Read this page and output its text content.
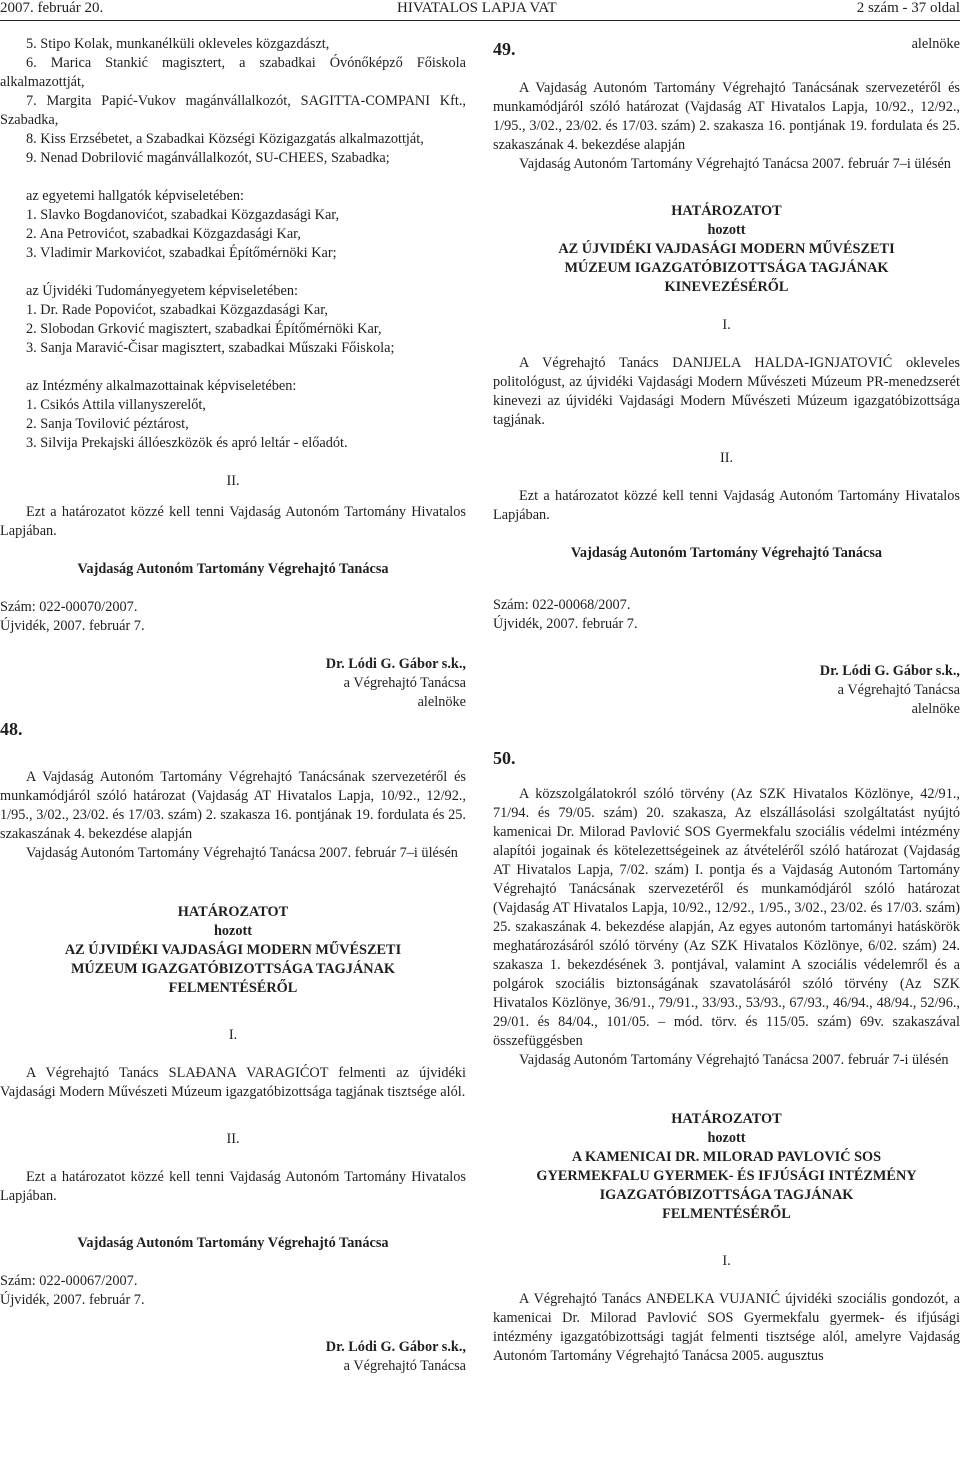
2007. február 20.	HIVATALOS LAPJA VAT	2 szám - 37 oldal

5. Stipo Kolak, munkanélküli okleveles közgazdászt,

6. Marica Stankić magisztert, a szabadkai Óvónőképző Főiskola alkalmazottját,

7. Margita Papić-Vukov magánvállalkozót, SAGITTA-COMPANI Kft., Szabadka,

8. Kiss Erzsébetet, a Szabadkai Községi Közigazgatás alkalmazottját,

9. Nenad Dobrilović magánvállalkozót, SU-CHEES, Szabadka;

az egyetemi hallgatók képviseletében:

1. Slavko Bogdanovićot, szabadkai Közgazdasági Kar,

2. Ana Petrovićot, szabadkai Közgazdasági Kar,

3. Vladimir Markovićot, szabadkai Építőmérnöki Kar;

az Újvidéki Tudományegyetem képviseletében:

1. Dr. Rade Popovićot, szabadkai Közgazdasági Kar,

2. Slobodan Grković magisztert, szabadkai Építőmérnöki Kar,

3. Sanja Maravić-Čisar magisztert, szabadkai Műszaki Főiskola;

az Intézmény alkalmazottainak képviseletében:

1. Csikós Attila villanyszerelőt,

2. Sanja Tovilović péztárost,

3. Silvija Prekajski állóeszközök és apró leltár - előadót.

II.

Ezt a határozatot közzé kell tenni Vajdaság Autonóm Tartomány Hivatalos Lapjában.

Vajdaság Autonóm Tartomány Végrehajtó Tanácsa

Szám: 022-00070/2007.

Újvidék, 2007. február 7.

Dr. Lódi G. Gábor s.k.,

a Végrehajtó Tanácsa

alelnöke

48.

A Vajdaság Autonóm Tartomány Végrehajtó Tanácsának szervezetéről és munkamódjáról szóló határozat (Vajdaság AT Hivatalos Lapja, 10/92., 12/92., 1/95., 3/02., 23/02. és 17/03. szám) 2. szakasza 16. pontjának 19. fordulata és 25. szakaszának 4. bekezdése alapján

Vajdaság Autonóm Tartomány Végrehajtó Tanácsa 2007. február 7–i ülésén

HATÁROZATOT

hozott

AZ ÚJVIDÉKI VAJDASÁGI MODERN MŰVÉSZETI

MÚZEUM IGAZGATÓBIZOTTSÁGA TAGJÁNAK

FELMENTÉSÉRŐL

I.

A Végrehajtó Tanács SLAĐANA VARAGIĆOT felmenti az újvidéki Vajdasági Modern Művészeti Múzeum igazgatóbizottsága tagjának tisztsége alól.

II.

Ezt a határozatot közzé kell tenni Vajdaság Autonóm Tartomány Hivatalos Lapjában.

Vajdaság Autonóm Tartomány Végrehajtó Tanácsa

Szám: 022-00067/2007.

Újvidék, 2007. február 7.

Dr. Lódi G. Gábor s.k.,

a Végrehajtó Tanácsa

alelnöke

49.

A Vajdaság Autonóm Tartomány Végrehajtó Tanácsának szervezetéről és munkamódjáról szóló határozat (Vajdaság AT Hivatalos Lapja, 10/92., 12/92., 1/95., 3/02., 23/02. és 17/03. szám) 2. szakasza 16. pontjának 19. fordulata és 25. szakaszának 4. bekezdése alapján

Vajdaság Autonóm Tartomány Végrehajtó Tanácsa 2007. február 7–i ülésén

HATÁROZATOT

hozott

AZ ÚJVIDÉKI VAJDASÁGI MODERN MŰVÉSZETI

MÚZEUM IGAZGATÓBIZOTTSÁGA TAGJÁNAK

KINEVEZÉSÉRŐL

I.

A Végrehajtó Tanács DANIJELA HALDA-IGNJATOVIĆ okleveles politológust, az újvidéki Vajdasági Modern Művészeti Múzeum PR-menedzserét kinevezi az újvidéki Vajdasági Modern Művészeti Múzeum igazgatóbizottsága tagjának.

II.

Ezt a határozatot közzé kell tenni Vajdaság Autonóm Tartomány Hivatalos Lapjában.

Vajdaság Autonóm Tartomány Végrehajtó Tanácsa

Szám: 022-00068/2007.

Újvidék, 2007. február 7.

Dr. Lódi G. Gábor s.k.,

a Végrehajtó Tanácsa

alelnöke

50.

A közszolgálatokról szóló törvény (Az SZK Hivatalos Közlönye, 42/91., 71/94. és 79/05. szám) 20. szakasza, Az elszállásolási szolgáltatást nyújtó kamenicai Dr. Milorad Pavlović SOS Gyermekfalu szociális védelmi intézmény alapítói jogainak és kötelezettségeinek az átvételéről szóló határozat (Vajdaság AT Hivatalos Lapja, 7/02. szám) I. pontja és a Vajdaság Autonóm Tartomány Végrehajtó Tanácsának szervezetéről és munkamódjáról szóló határozat (Vajdaság AT Hivatalos Lapja, 10/92., 12/92., 1/95., 3/02., 23/02. és 17/03. szám) 25. szakaszának 4. bekezdése alapján, Az egyes autonóm tartományi hatáskörök meghatározásáról szóló törvény (Az SZK Hivatalos Közlönye, 6/02. szám) 24. szakasza 1. bekezdésének 3. pontjával, valamint A szociális védelemről és a polgárok szociális biztonságának szavatolásáról szóló törvény (Az SZK Hivatalos Közlönye, 36/91., 79/91., 33/93., 53/93., 67/93., 46/94., 48/94., 52/96., 29/01. és 84/04., 101/05. – mód. törv. és 115/05. szám) 69v. szakaszával összefüggésben

Vajdaság Autonóm Tartomány Végrehajtó Tanácsa 2007. február 7-i ülésén

HATÁROZATOT

hozott

A KAMENICAI DR. MILORAD PAVLOVIĆ SOS

GYERMEKFALU GYERMEK- ÉS IFJÚSÁGI INTÉZMÉNY

IGAZGATÓBIZOTTSÁGA TAGJÁNAK

FELMENTÉSÉRŐL

I.

A Végrehajtó Tanács ANĐELKA VUJANIĆ újvidéki szociális gondozót, a kamenicai Dr. Milorad Pavlović SOS Gyermekfalu gyermek- és ifjúsági intézmény igazgatóbizottsági tagját felmenti tisztsége alól, amelyre Vajdaság Autonóm Tartomány Végrehajtó Tanácsa 2005. augusztus
